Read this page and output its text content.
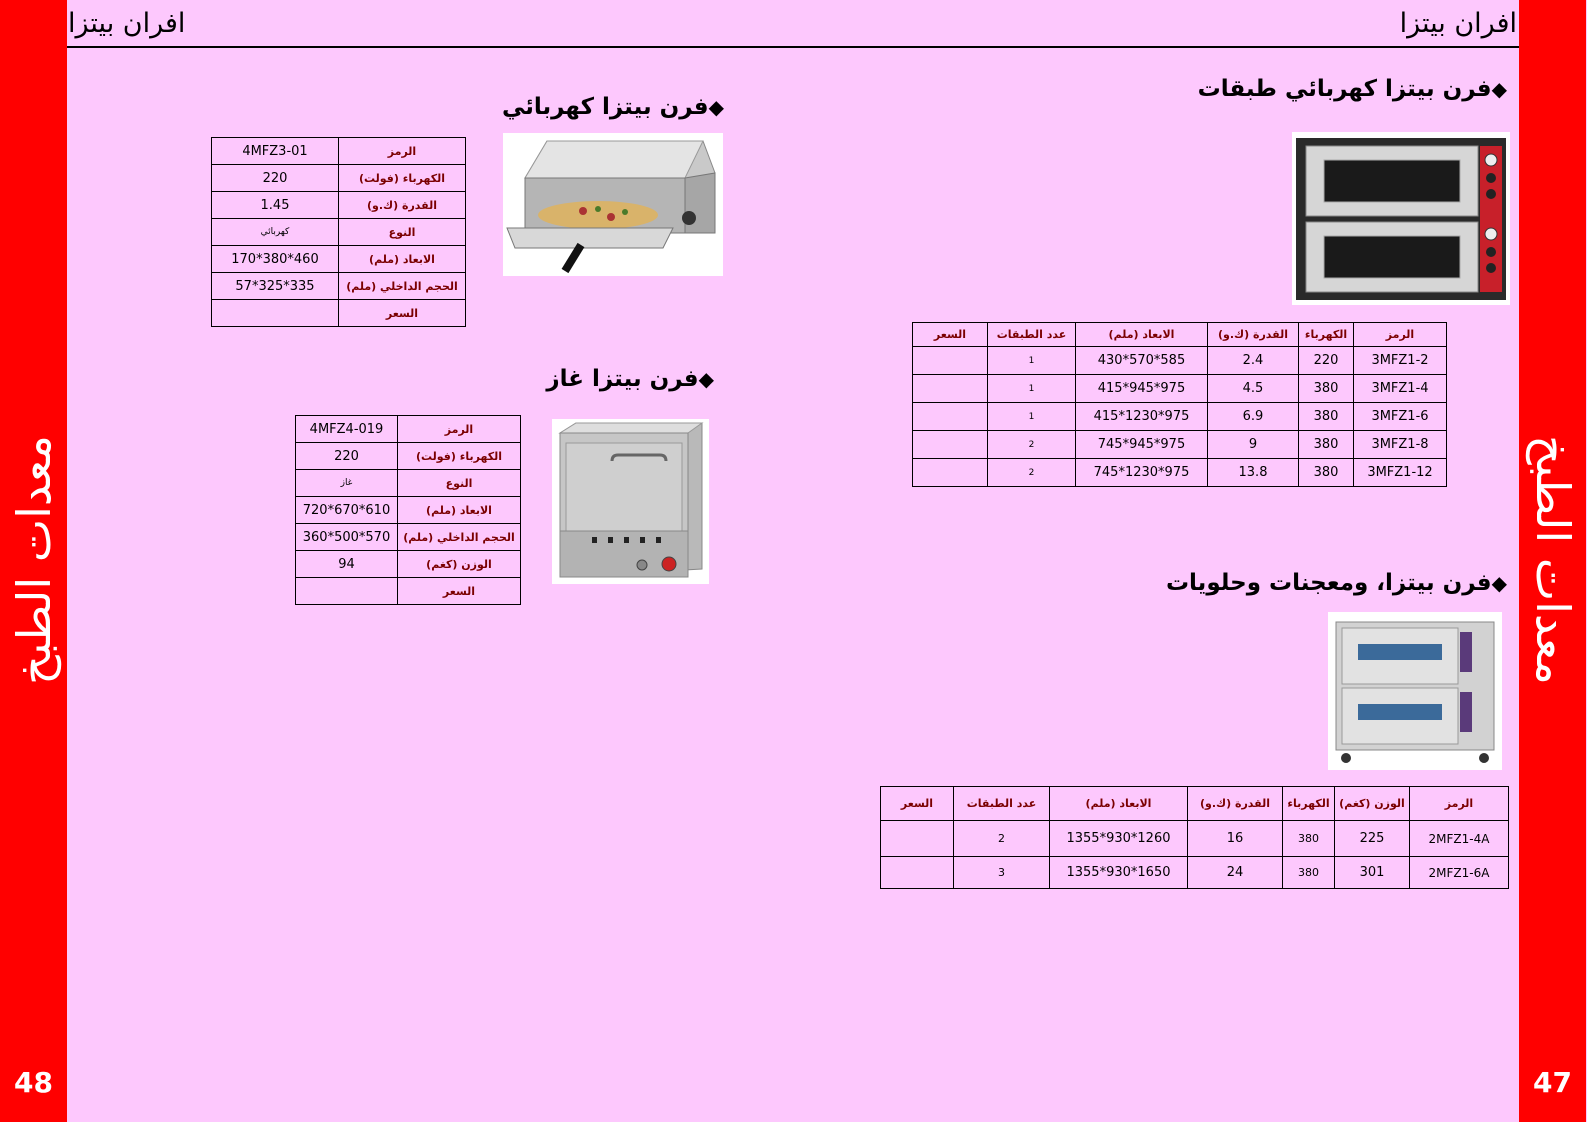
معدات الطبخ
48
معدات الطبخ
47
افران بيتزا	افران بيتزا
◆فرن بيتزا كهربائي
الرمز	4MFZ3-01
الكهرباء (فولت)	220
القدرة (ك.و)	1.45
النوع	كهربائي
الابعاد (ملم)	460*380*170
الحجم الداخلي (ملم)	335*325*57
السعر	
◆فرن بيتزا غاز
الرمز	4MFZ4-019
الكهرباء (فولت)	220
النوع	غاز
الابعاد (ملم)	610*670*720
الحجم الداخلي (ملم)	570*500*360
الوزن (كغم)	94
السعر	
◆فرن بيتزا كهربائي طبقات
الرمز	الكهرباء	القدرة (ك.و)	الابعاد (ملم)	عدد الطبقات	السعر
3MFZ1-2	220	2.4	585*570*430	1	
3MFZ1-4	380	4.5	975*945*415	1	
3MFZ1-6	380	6.9	975*1230*415	1	
3MFZ1-8	380	9	975*945*745	2	
3MFZ1-12	380	13.8	975*1230*745	2	
◆فرن بيتزا، ومعجنات وحلويات
الرمز	الوزن (كغم)	الكهرباء	القدرة (ك.و)	الابعاد (ملم)	عدد الطبقات	السعر
2MFZ1-4A	225	380	16	1260*930*1355	2	
2MFZ1-6A	301	380	24	1650*930*1355	3	
